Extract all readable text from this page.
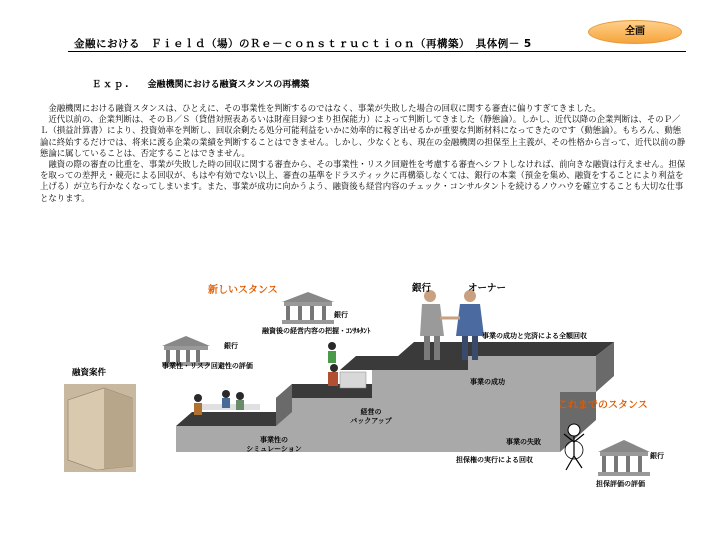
全画
金融における　Ｆｉｅｌｄ（場）のＲｅ－ｃｏｎｓｔｒｕｃｔｉｏｎ（再構築）　具体例－ 5
Ｅｘｐ. 金融機関における融資スタンスの再構築

金融機関における融資スタンスは、ひとえに、その事業性を判断するのではなく、事業が失敗した場合の回収に関する審査に偏りすぎてきました。

近代以前の、企業判断は、そのＢ／Ｓ（貸借対照表あるいは財産目録つまり担保能力）によって判断してきました（静態論）。しかし、近代以降の企業判断は、そのＰ／Ｌ（損益計算書）により、投資効率を判断し、回収余剰たる処分可能利益をいかに効率的に稼ぎ出せるかが重要な判断材料になってきたのです（動態論）。もちろん、動態論に終始するだけでは、将来に渡る企業の業績を判断することはできません。しかし、少なくとも、現在の金融機関の担保至上主義が、その性格から言って、近代以前の静態論に属していることは、否定することはできません。

融資の際の審査の比重を、事業が失敗した時の回収に関する審査から、その事業性・リスク回避性を考慮する審査へシフトしなければ、前向きな融資は行えません。担保を取っての差押え・競売による回収が、もはや有効でない以上、審査の基準をドラスティックに再構築しなくては、銀行の本業（預金を集め、融資をすることにより利益を上げる）が立ち行かなくなってしまいます。また、事業が成功に向かうよう、融資後も経営内容のチェック・コンサルタントを続けるノウハウを確立することも大切な仕事となります。

新しいスタンス
これまでのスタンス
融資案件
銀行	オーナー
銀行
事業性・リスク回避性の評価
銀行
融資後の経営内容の把握・ｺﾝｻﾙﾀﾝﾄ
事業性の
シミュレーション
経営の
バックアップ
事業の成功
事業の成功と完済による全額回収
事業の失敗
担保権の実行による回収	銀行
担保評価の評価
